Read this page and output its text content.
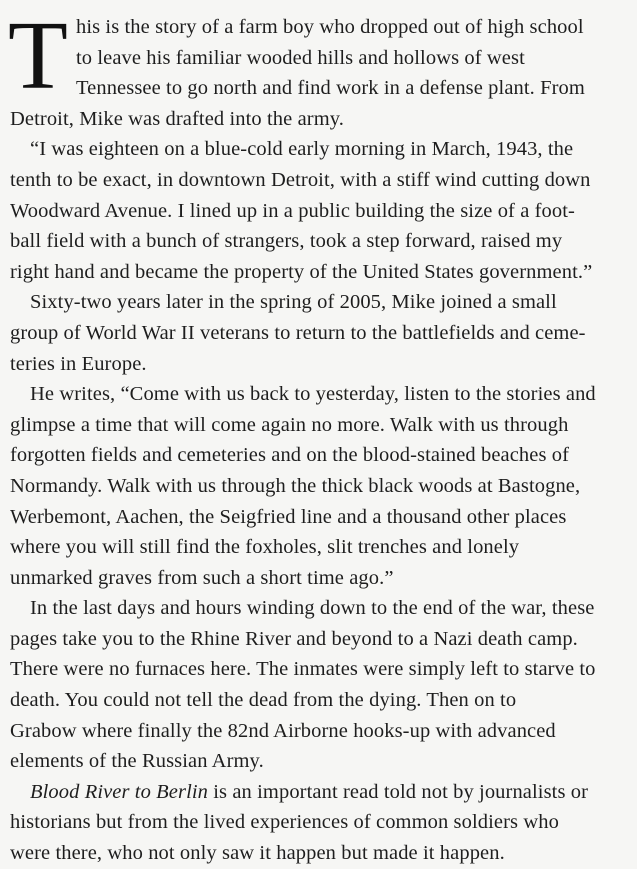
T his is the story of a farm boy who dropped out of high school
to leave his familiar wooded hills and hollows of west
Tennessee to go north and find work in a defense plant. From
Detroit, Mike was drafted into the army.

“I was eighteen on a blue-cold early morning in March, 1943, the
tenth to be exact, in downtown Detroit, with a stiff wind cutting down
Woodward Avenue. I lined up in a public building the size of a foot-
ball field with a bunch of strangers, took a step forward, raised my
right hand and became the property of the United States government.”

Sixty-two years later in the spring of 2005, Mike joined a small
group of World War II veterans to return to the battlefields and ceme-
teries in Europe.

He writes, “Come with us back to yesterday, listen to the stories and
glimpse a time that will come again no more. Walk with us through
forgotten fields and cemeteries and on the blood-stained beaches of
Normandy. Walk with us through the thick black woods at Bastogne,
Werbemont, Aachen, the Seigfried line and a thousand other places
where you will still find the foxholes, slit trenches and lonely
unmarked graves from such a short time ago.”

In the last days and hours winding down to the end of the war, these
pages take you to the Rhine River and beyond to a Nazi death camp.
There were no furnaces here. The inmates were simply left to starve to
death. You could not tell the dead from the dying. Then on to
Grabow where finally the 82nd Airborne hooks-up with advanced
elements of the Russian Army.

Blood River to Berlin is an important read told not by journalists or
historians but from the lived experiences of common soldiers who
were there, who not only saw it happen but made it happen.
